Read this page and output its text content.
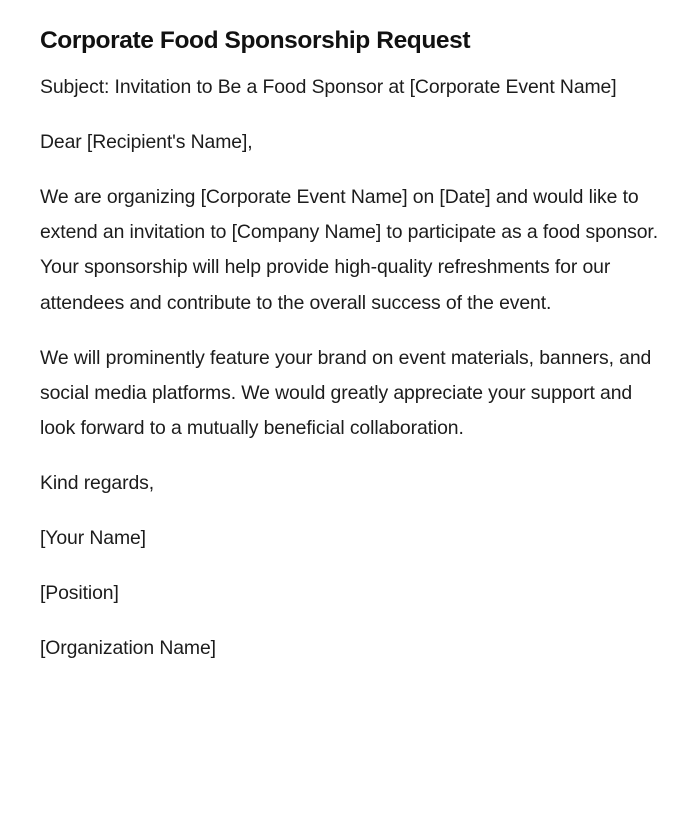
Corporate Food Sponsorship Request

Subject: Invitation to Be a Food Sponsor at [Corporate Event Name]

Dear [Recipient's Name],

We are organizing [Corporate Event Name] on [Date] and would like to extend an invitation to [Company Name] to participate as a food sponsor. Your sponsorship will help provide high-quality refreshments for our attendees and contribute to the overall success of the event.

We will prominently feature your brand on event materials, banners, and social media platforms. We would greatly appreciate your support and look forward to a mutually beneficial collaboration.

Kind regards,

[Your Name]

[Position]

[Organization Name]
